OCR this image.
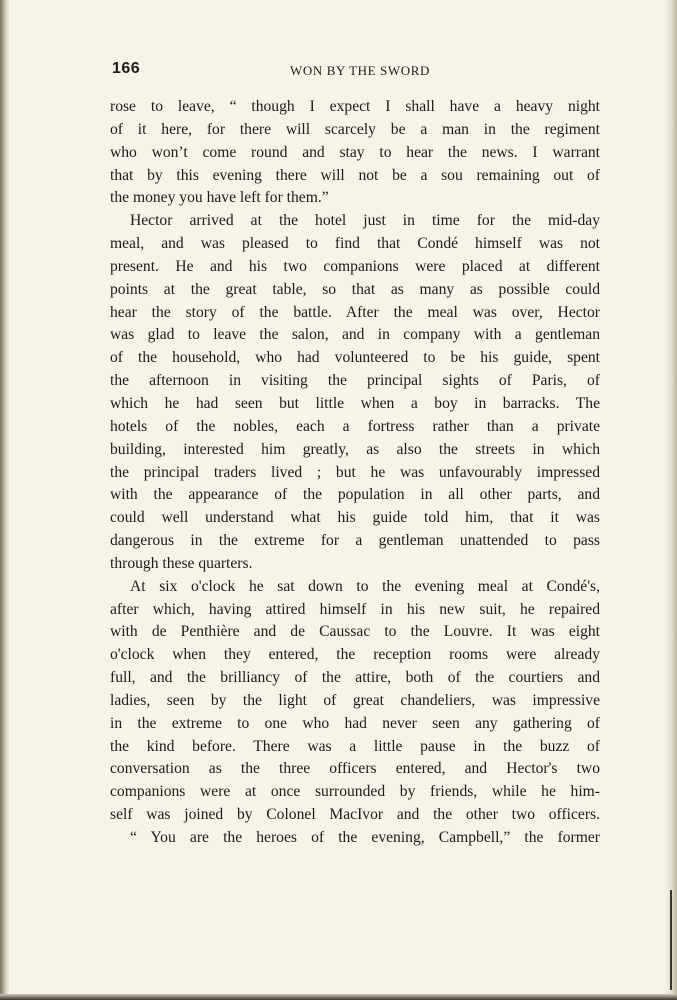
166	WON BY THE SWORD
rose to leave, “ though I expect I shall have a heavy night
of it here, for there will scarcely be a man in the regiment
who won’t come round and stay to hear the news. I warrant
that by this evening there will not be a sou remaining out of
the money you have left for them.”
Hector arrived at the hotel just in time for the mid-day
meal, and was pleased to find that Condé himself was not
present. He and his two companions were placed at different
points at the great table, so that as many as possible could
hear the story of the battle. After the meal was over, Hector
was glad to leave the salon, and in company with a gentleman
of the household, who had volunteered to be his guide, spent
the afternoon in visiting the principal sights of Paris, of
which he had seen but little when a boy in barracks. The
hotels of the nobles, each a fortress rather than a private
building, interested him greatly, as also the streets in which
the principal traders lived ; but he was unfavourably impressed
with the appearance of the population in all other parts, and
could well understand what his guide told him, that it was
dangerous in the extreme for a gentleman unattended to pass
through these quarters.
At six o'clock he sat down to the evening meal at Condé's,
after which, having attired himself in his new suit, he repaired
with de Penthière and de Caussac to the Louvre. It was eight
o'clock when they entered, the reception rooms were already
full, and the brilliancy of the attire, both of the courtiers and
ladies, seen by the light of great chandeliers, was impressive
in the extreme to one who had never seen any gathering of
the kind before. There was a little pause in the buzz of
conversation as the three officers entered, and Hector's two
companions were at once surrounded by friends, while he him-
self was joined by Colonel MacIvor and the other two officers.
“ You are the heroes of the evening, Campbell,” the former
